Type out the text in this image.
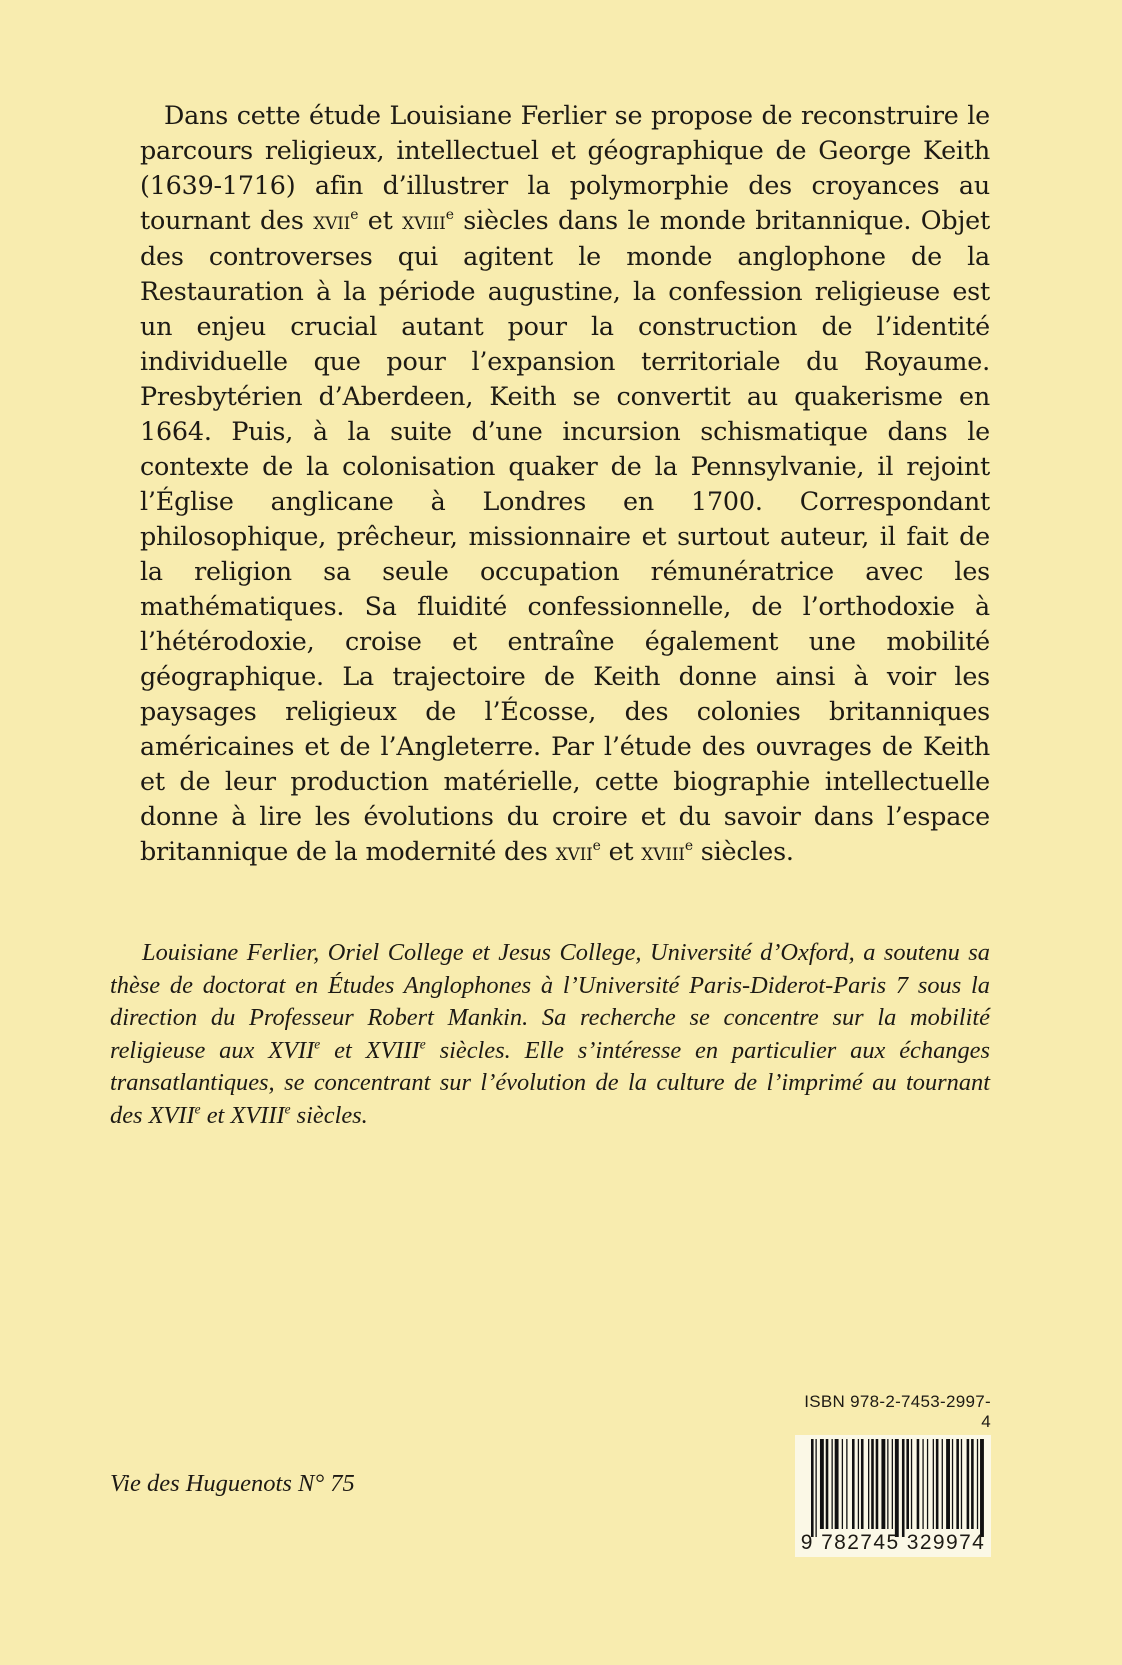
Dans cette étude Louisiane Ferlier se propose de reconstruire le parcours religieux, intellectuel et géographique de George Keith (1639-1716) afin d’illustrer la polymorphie des croyances au tournant des xvii$^e$ et xviii$^e$ siècles dans le monde britannique. Objet des controverses qui agitent le monde anglophone de la Restauration à la période augustine, la confession religieuse est un enjeu crucial autant pour la construction de l’identité individuelle que pour l’expansion territoriale du Royaume. Presbytérien d’Aberdeen, Keith se convertit au quakerisme en 1664. Puis, à la suite d’une incursion schismatique dans le contexte de la colonisation quaker de la Pennsylvanie, il rejoint l’Église anglicane à Londres en 1700. Correspondant philosophique, prêcheur, missionnaire et surtout auteur, il fait de la religion sa seule occupation rémunératrice avec les mathématiques. Sa fluidité confessionnelle, de l’orthodoxie à l’hétérodoxie, croise et entraîne également une mobilité géographique. La trajectoire de Keith donne ainsi à voir les paysages religieux de l’Écosse, des colonies britanniques américaines et de l’Angleterre. Par l’étude des ouvrages de Keith et de leur production matérielle, cette biographie intellectuelle donne à lire les évolutions du croire et du savoir dans l’espace britannique de la modernité des xvii$^e$ et xviii$^e$ siècles.

Louisiane Ferlier, Oriel College et Jesus College, Université d’Oxford, a soutenu sa thèse de doctorat en Études Anglophones à l’Université Paris-Diderot-Paris 7 sous la direction du Professeur Robert Mankin. Sa recherche se concentre sur la mobilité religieuse aux XVIIe et XVIIIe siècles. Elle s’intéresse en particulier aux échanges transatlantiques, se concentrant sur l’évolution de la culture de l’imprimé au tournant des XVIIe et XVIIIe siècles.

Vie des Huguenots N° 75
ISBN 978-2-7453-2997-4
9 782745 329974
